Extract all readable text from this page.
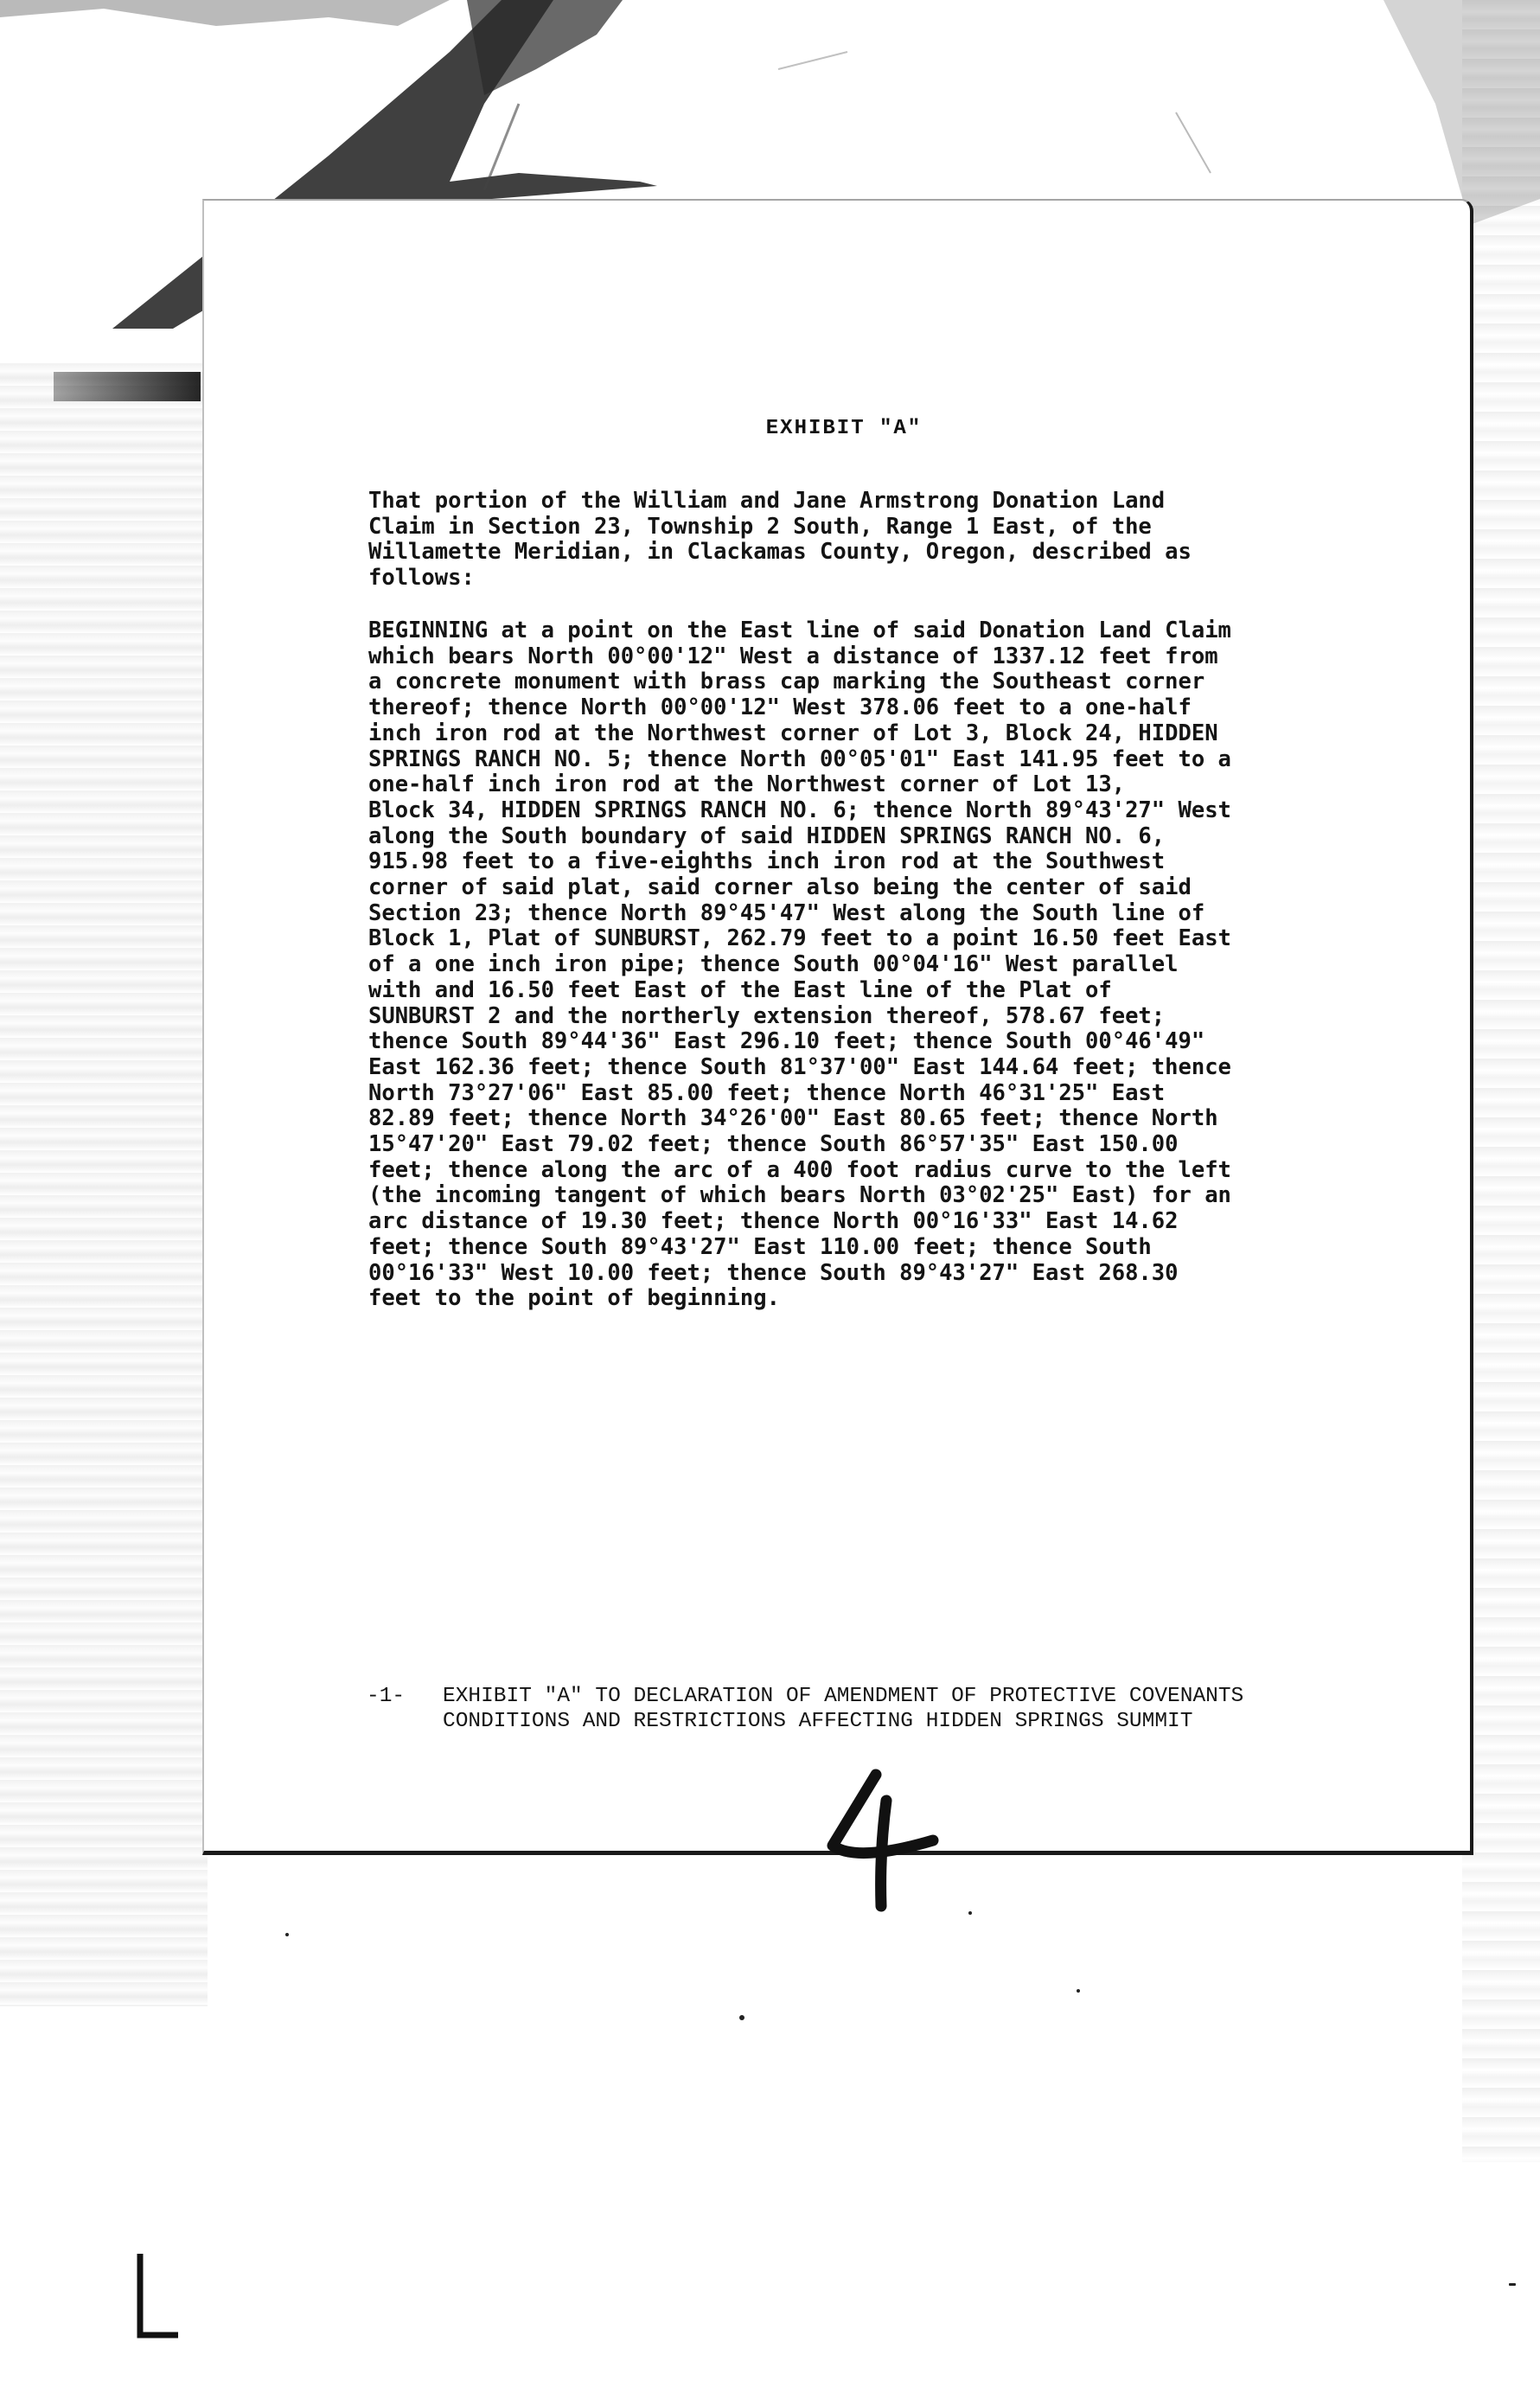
EXHIBIT "A"
That portion of the William and Jane Armstrong Donation Land
Claim in Section 23, Township 2 South, Range 1 East, of the
Willamette Meridian, in Clackamas County, Oregon, described as
follows:
BEGINNING at a point on the East line of said Donation Land Claim
which bears North 00°00'12" West a distance of 1337.12 feet from
a concrete monument with brass cap marking the Southeast corner
thereof; thence North 00°00'12" West 378.06 feet to a one-half
inch iron rod at the Northwest corner of Lot 3, Block 24, HIDDEN
SPRINGS RANCH NO. 5; thence North 00°05'01" East 141.95 feet to a
one-half inch iron rod at the Northwest corner of Lot 13,
Block 34, HIDDEN SPRINGS RANCH NO. 6; thence North 89°43'27" West
along the South boundary of said HIDDEN SPRINGS RANCH NO. 6,
915.98 feet to a five-eighths inch iron rod at the Southwest
corner of said plat, said corner also being the center of said
Section 23; thence North 89°45'47" West along the South line of
Block 1, Plat of SUNBURST, 262.79 feet to a point 16.50 feet East
of a one inch iron pipe; thence South 00°04'16" West parallel
with and 16.50 feet East of the East line of the Plat of
SUNBURST 2 and the northerly extension thereof, 578.67 feet;
thence South 89°44'36" East 296.10 feet; thence South 00°46'49"
East 162.36 feet; thence South 81°37'00" East 144.64 feet; thence
North 73°27'06" East 85.00 feet; thence North 46°31'25" East
82.89 feet; thence North 34°26'00" East 80.65 feet; thence North
15°47'20" East 79.02 feet; thence South 86°57'35" East 150.00
feet; thence along the arc of a 400 foot radius curve to the left
(the incoming tangent of which bears North 03°02'25" East) for an
arc distance of 19.30 feet; thence North 00°16'33" East 14.62
feet; thence South 89°43'27" East 110.00 feet; thence South
00°16'33" West 10.00 feet; thence South 89°43'27" East 268.30
feet to the point of beginning.
-1- EXHIBIT "A" TO DECLARATION OF AMENDMENT OF PROTECTIVE COVENANTS
CONDITIONS AND RESTRICTIONS AFFECTING HIDDEN SPRINGS SUMMIT
